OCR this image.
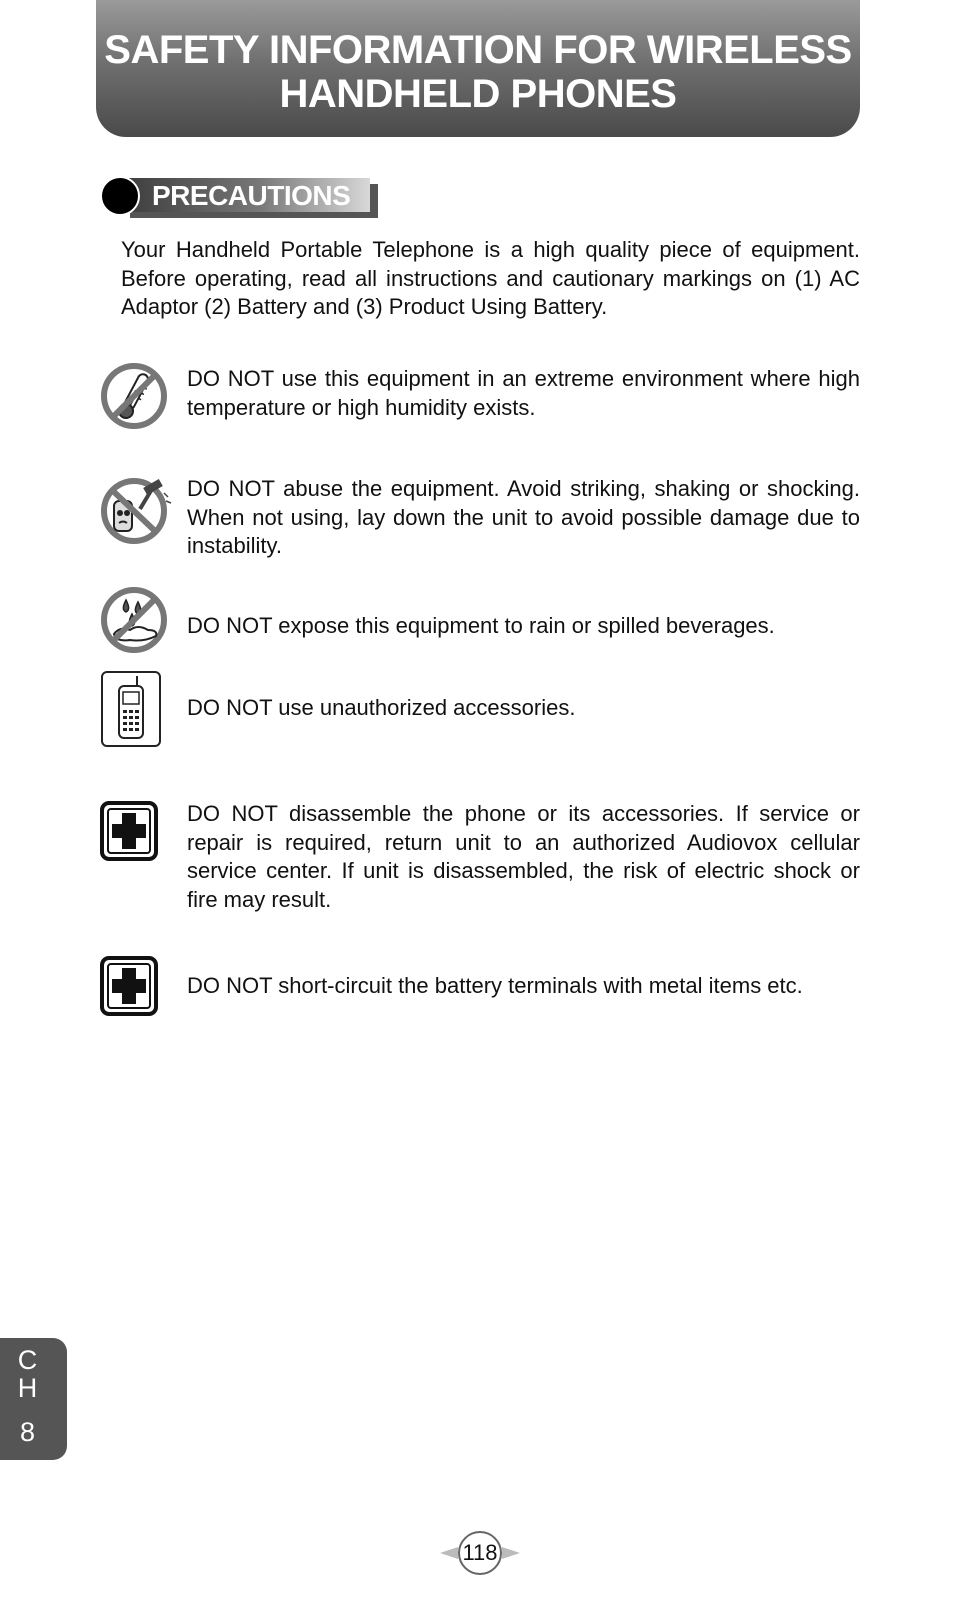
SAFETY INFORMATION FOR WIRELESS
HANDHELD PHONES
PRECAUTIONS
Your Handheld Portable Telephone is a high quality piece of equipment. Before operating, read all instructions and cautionary markings on (1) AC Adaptor (2) Battery and (3) Product Using Battery.
DO NOT use this equipment in an extreme environment where high temperature or high humidity exists.
DO NOT abuse the equipment. Avoid striking, shaking or shocking. When not using, lay down the unit to avoid possible damage due to instability.
DO NOT expose this equipment to rain or spilled beverages.
DO NOT use unauthorized accessories.
DO NOT disassemble the phone or its accessories. If service or repair is required, return unit to an authorized Audiovox cellular service center. If unit is disassembled, the risk of electric shock or fire may result.
DO NOT short-circuit the battery terminals with metal items etc.
C
H
8
118
